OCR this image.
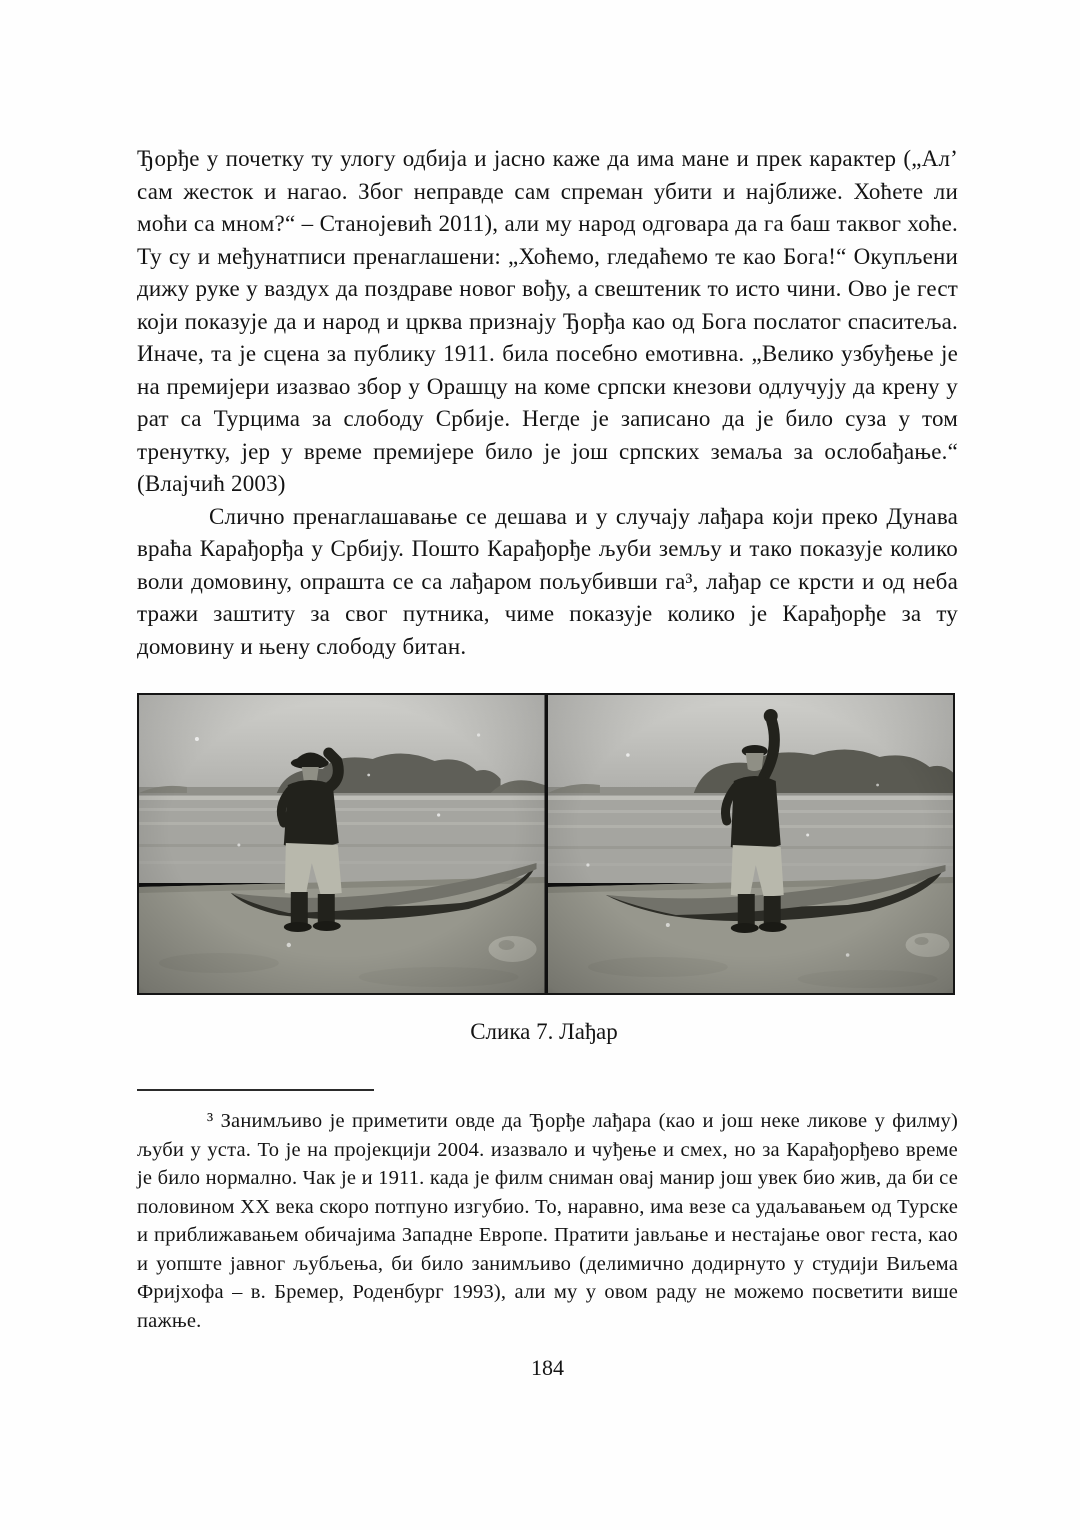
Ђорђе у почетку ту улогу одбија и јасно каже да има мане и прек карактер („Ал’ сам жесток и нагао. Због неправде сам спреман убити и најближе. Хоћете ли моћи са мном?“ – Станојевић 2011), али му народ одговара да га баш таквог хоће. Ту су и међунатписи пренаглашени: „Хоћемо, гледаћемо те као Бога!“ Окупљени дижу руке у ваздух да поздраве новог вођу, а свештеник то исто чини. Ово је гест који показује да и народ и црква признају Ђорђа као од Бога послатог спаситеља. Иначе, та је сцена за публику 1911. била посебно емотивна. „Велико узбуђење је на премијери изазвао збор у Орашцу на коме српски кнезови одлучују да крену у рат са Турцима за слободу Србије. Негде је записано да је било суза у том тренутку, јер у време премијере било је још српских земаља за ослобађање.“ (Влајчић 2003)

Слично пренаглашавање се дешава и у случају лађара који преко Дунава враћа Карађорђа у Србију. Пошто Карађорђе љуби земљу и тако показује колико воли домовину, опрашта се са лађаром пољубивши га³, лађар се крсти и од неба тражи заштиту за свог путника, чиме показује колико је Карађорђе за ту домовину и њену слободу битан.

Слика 7. Лађар

³ Занимљиво је приметити овде да Ђорђе лађара (као и још неке ликове у филму) љуби у уста. То је на пројекцији 2004. изазвало и чуђење и смех, но за Карађорђево време је било нормално. Чак је и 1911. када је филм сниман овај манир још увек био жив, да би се половином XX века скоро потпуно изгубио. То, наравно, има везе са удаљавањем од Турске и приближавањем обичајима Западне Европе. Пратити јављање и нестајање овог геста, као и уопште јавног љубљења, би било занимљиво (делимично додирнуто у студији Виљема Фријхофа – в. Бремер, Роденбург 1993), али му у овом раду не можемо посветити више пажње.

184
